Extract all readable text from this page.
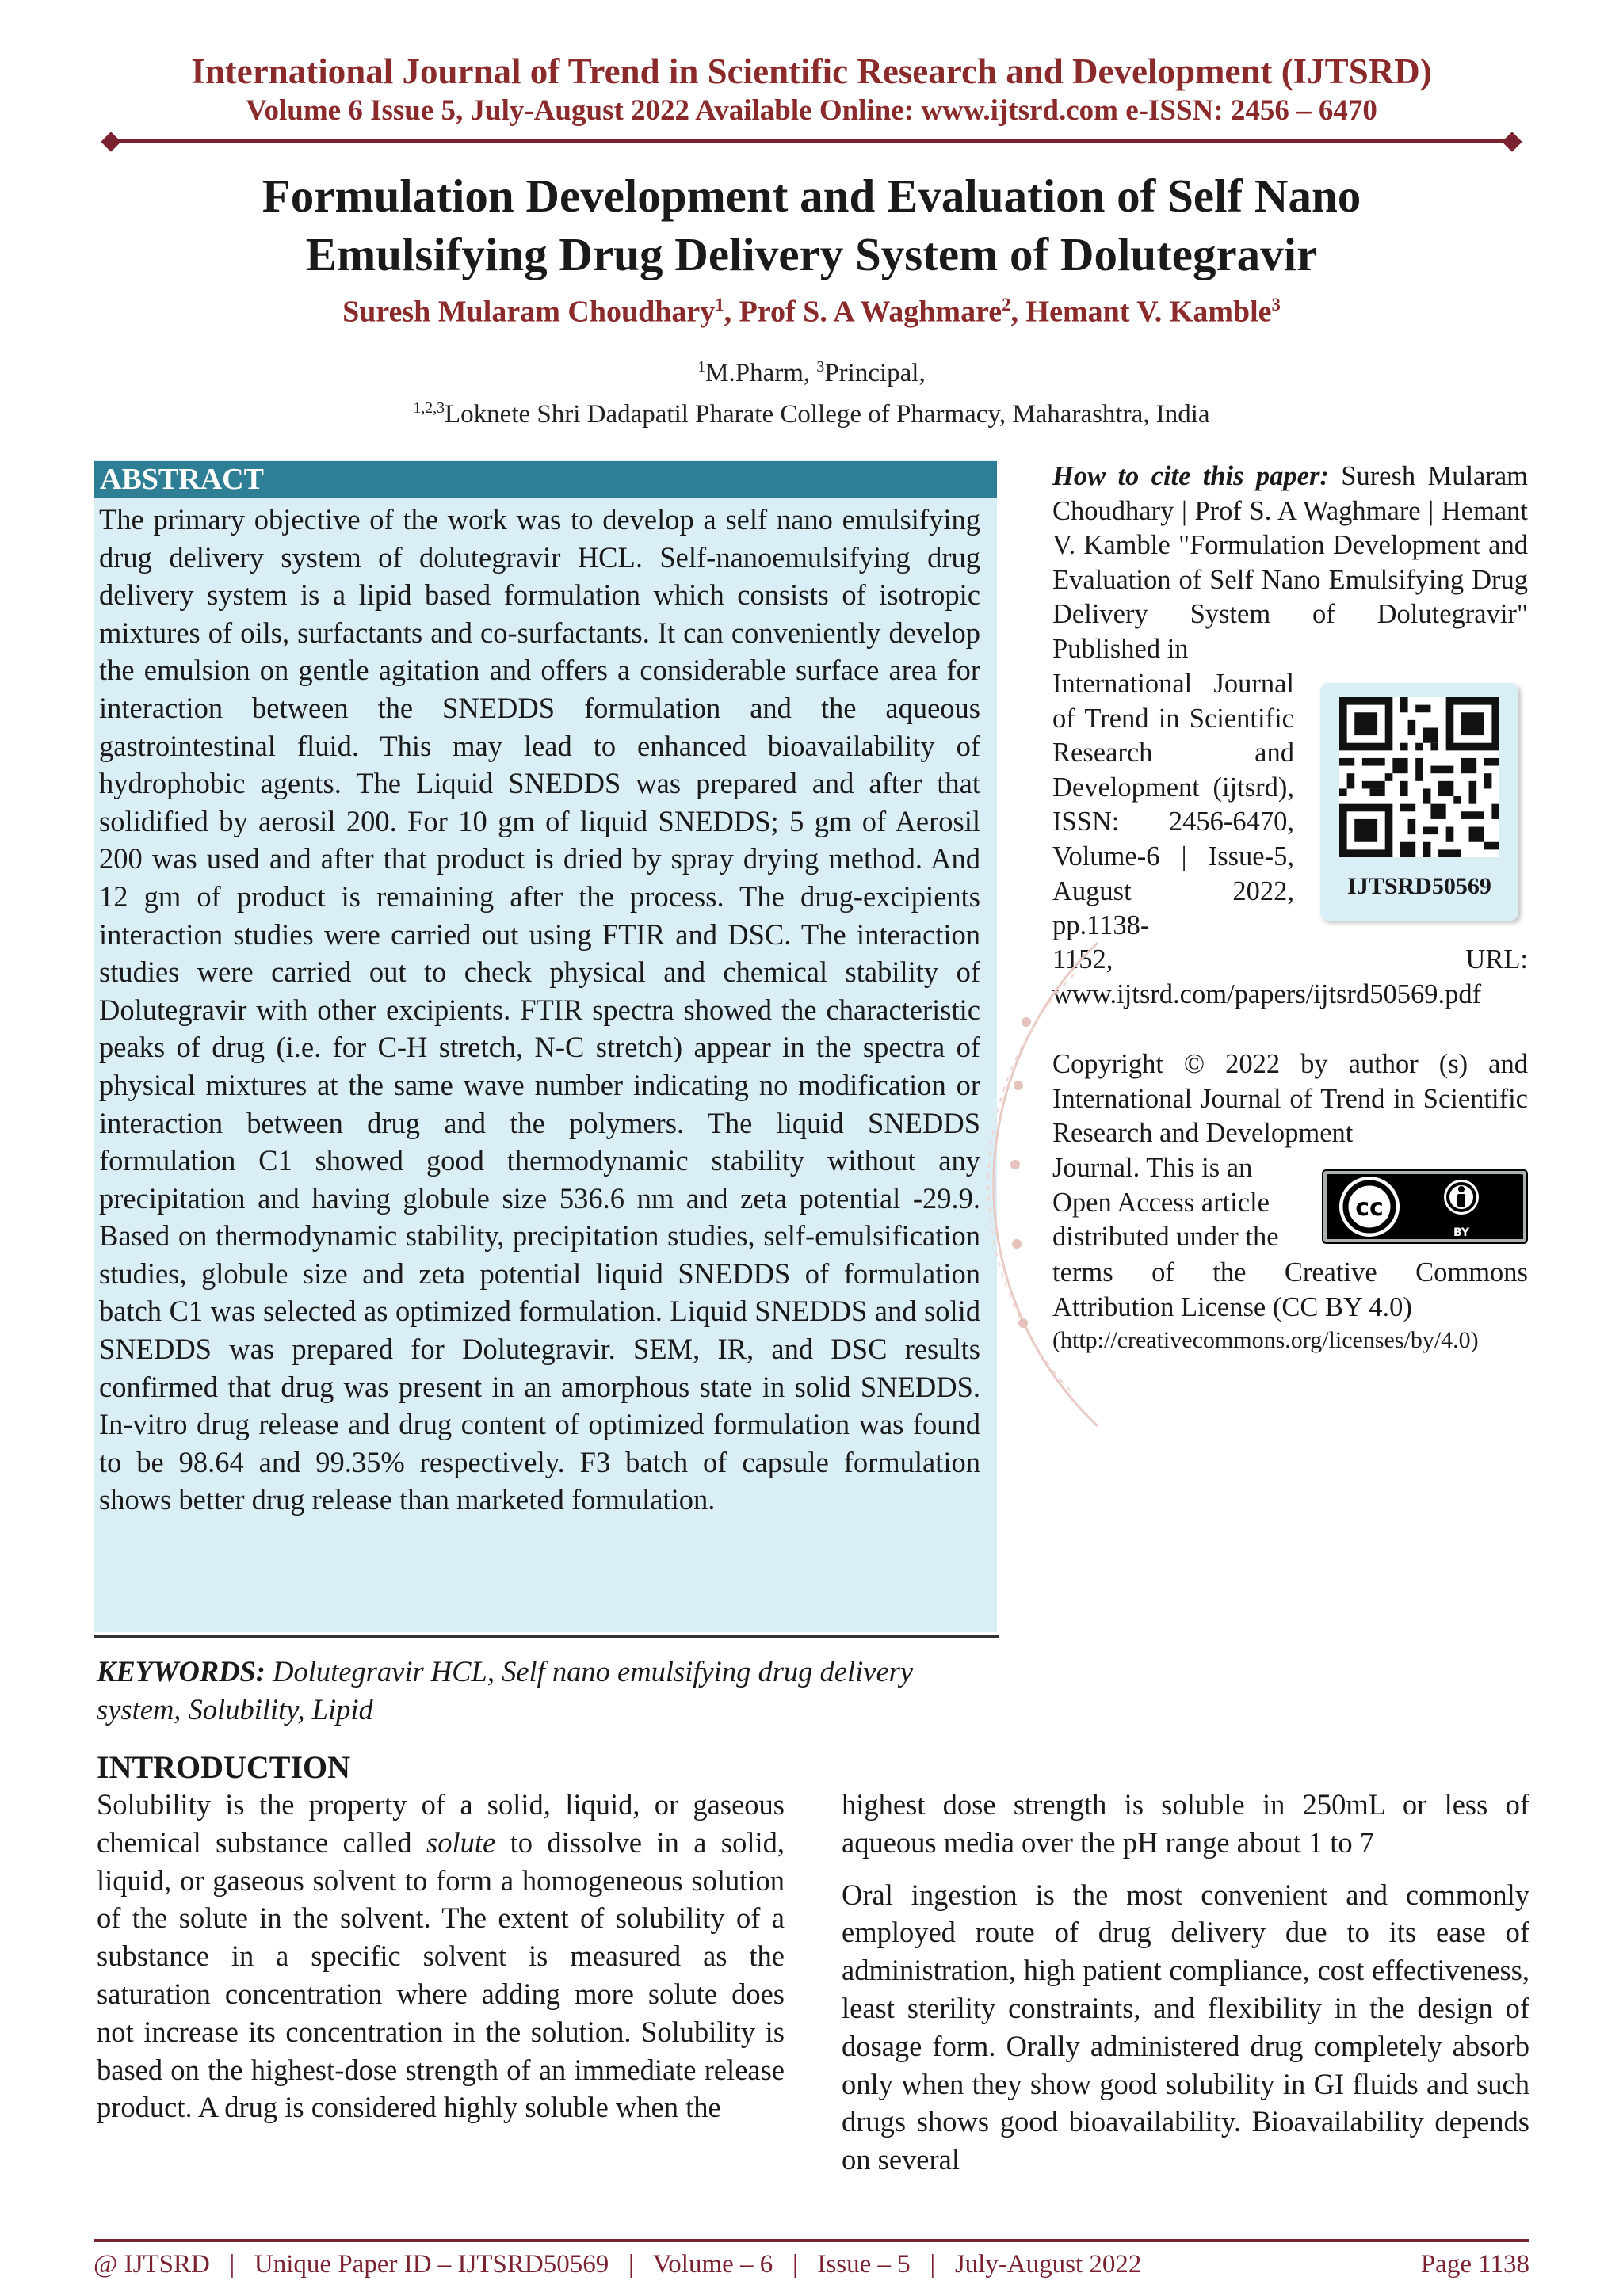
International Journal of Trend in Scientific Research and Development (IJTSRD)
Volume 6 Issue 5, July-August 2022 Available Online: www.ijtsrd.com e-ISSN: 2456 – 6470
Formulation Development and Evaluation of Self Nano
Emulsifying Drug Delivery System of Dolutegravir
Suresh Mularam Choudhary$^1$, Prof S. A Waghmare$^2$, Hemant V. Kamble$^3$
$^1$M.Pharm, $^3$Principal,
$^{1,2,3}$Loknete Shri Dadapatil Pharate College of Pharmacy, Maharashtra, India
ABSTRACT
The primary objective of the work was to develop a self nano emulsifying drug delivery system of dolutegravir HCL. Self-nanoemulsifying drug delivery system is a lipid based formulation which consists of isotropic mixtures of oils, surfactants and co-surfactants. It can conveniently develop the emulsion on gentle agitation and offers a considerable surface area for interaction between the SNEDDS formulation and the aqueous gastrointestinal fluid. This may lead to enhanced bioavailability of hydrophobic agents. The Liquid SNEDDS was prepared and after that solidified by aerosil 200. For 10 gm of liquid SNEDDS; 5 gm of Aerosil 200 was used and after that product is dried by spray drying method. And 12 gm of product is remaining after the process. The drug-excipients interaction studies were carried out using FTIR and DSC. The interaction studies were carried out to check physical and chemical stability of Dolutegravir with other excipients. FTIR spectra showed the characteristic peaks of drug (i.e. for C-H stretch, N-C stretch) appear in the spectra of physical mixtures at the same wave number indicating no modification or interaction between drug and the polymers. The liquid SNEDDS formulation C1 showed good thermodynamic stability without any precipitation and having globule size 536.6 nm and zeta potential -29.9. Based on thermodynamic stability, precipitation studies, self-emulsification studies, globule size and zeta potential liquid SNEDDS of formulation batch C1 was selected as optimized formulation. Liquid SNEDDS and solid SNEDDS was prepared for Dolutegravir. SEM, IR, and DSC results confirmed that drug was present in an amorphous state in solid SNEDDS. In-vitro drug release and drug content of optimized formulation was found to be 98.64 and 99.35% respectively. F3 batch of capsule formulation shows better drug release than marketed formulation.
KEYWORDS: Dolutegravir HCL, Self nano emulsifying drug delivery system, Solubility, Lipid
How to cite this paper: Suresh Mularam Choudhary | Prof S. A Waghmare | Hemant V. Kamble "Formulation Development and Evaluation of Self Nano Emulsifying Drug Delivery System of Dolutegravir" Published in
International Journal of Trend in Scientific Research and Development (ijtsrd), ISSN: 2456-6470, Volume-6 | Issue-5, August 2022, pp.1138-
1152, URL: www.ijtsrd.com/papers/ijtsrd50569.pdf
IJTSRD50569
Copyright © 2022 by author (s) and International Journal of Trend in Scientific Research and Development
Journal. This is an Open Access article distributed under the
terms of the Creative Commons Attribution License (CC BY 4.0)
(http://creativecommons.org/licenses/by/4.0)
cc
BY
INTRODUCTION
Solubility is the property of a solid, liquid, or gaseous chemical substance called solute to dissolve in a solid, liquid, or gaseous solvent to form a homogeneous solution of the solute in the solvent. The extent of solubility of a substance in a specific solvent is measured as the saturation concentration where adding more solute does not increase its concentration in the solution. Solubility is based on the highest-dose strength of an immediate release product. A drug is considered highly soluble when the

highest dose strength is soluble in 250mL or less of aqueous media over the pH range about 1 to 7

Oral ingestion is the most convenient and commonly employed route of drug delivery due to its ease of administration, high patient compliance, cost effectiveness, least sterility constraints, and flexibility in the design of dosage form. Orally administered drug completely absorb only when they show good solubility in GI fluids and such drugs shows good bioavailability. Bioavailability depends on several

@ IJTSRD   |   Unique Paper ID – IJTSRD50569   |   Volume – 6   |   Issue – 5   |   July-August 2022	Page 1138
